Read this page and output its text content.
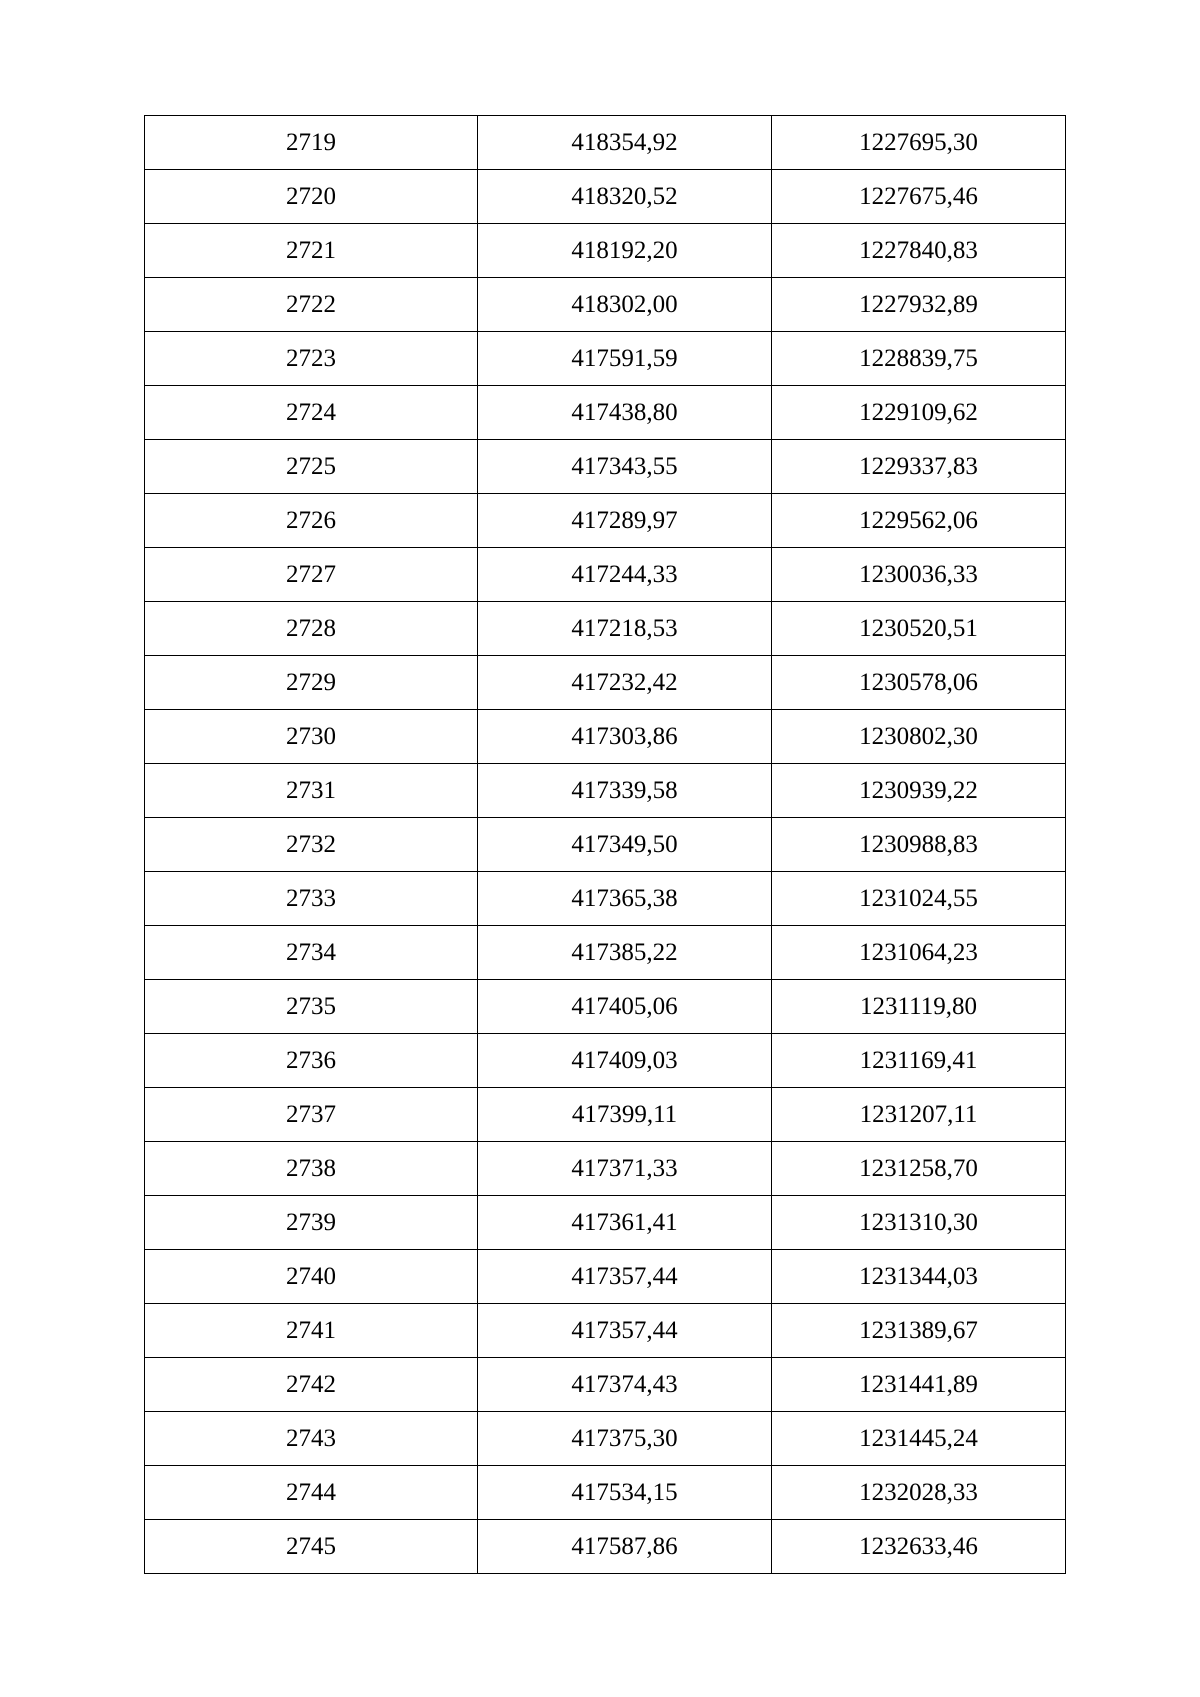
2719	418354,92	1227695,30
2720	418320,52	1227675,46
2721	418192,20	1227840,83
2722	418302,00	1227932,89
2723	417591,59	1228839,75
2724	417438,80	1229109,62
2725	417343,55	1229337,83
2726	417289,97	1229562,06
2727	417244,33	1230036,33
2728	417218,53	1230520,51
2729	417232,42	1230578,06
2730	417303,86	1230802,30
2731	417339,58	1230939,22
2732	417349,50	1230988,83
2733	417365,38	1231024,55
2734	417385,22	1231064,23
2735	417405,06	1231119,80
2736	417409,03	1231169,41
2737	417399,11	1231207,11
2738	417371,33	1231258,70
2739	417361,41	1231310,30
2740	417357,44	1231344,03
2741	417357,44	1231389,67
2742	417374,43	1231441,89
2743	417375,30	1231445,24
2744	417534,15	1232028,33
2745	417587,86	1232633,46
